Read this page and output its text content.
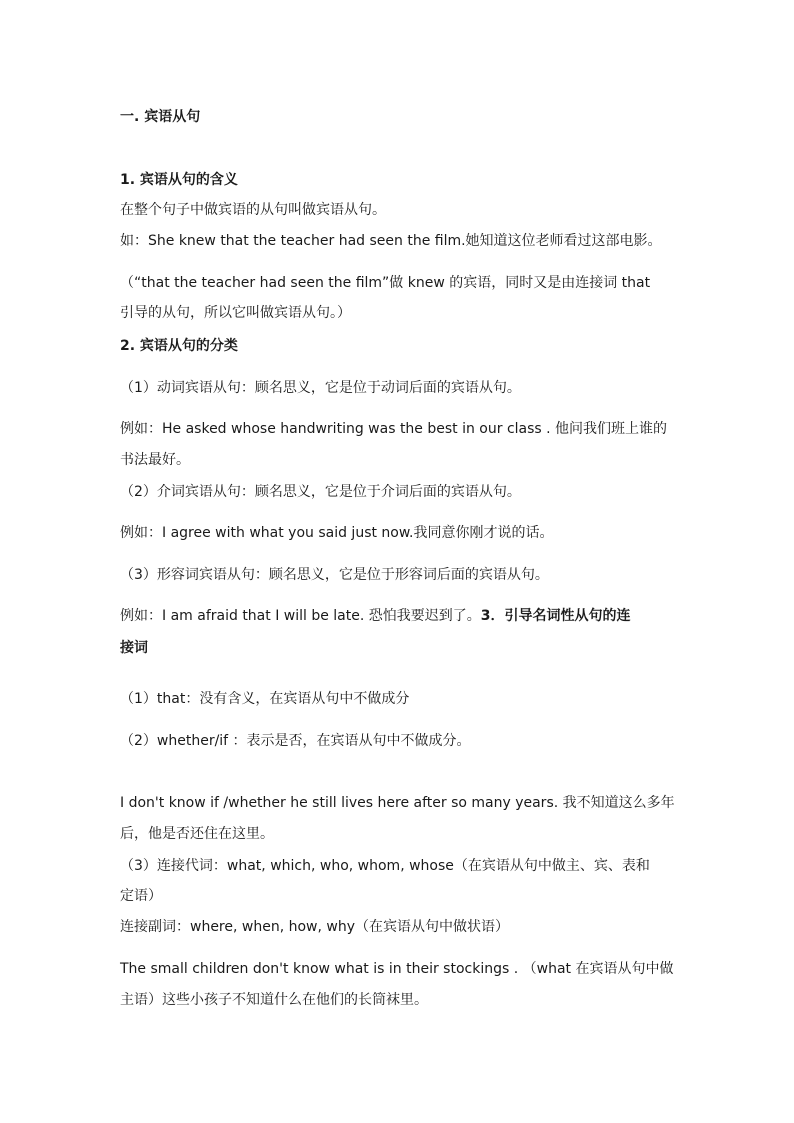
一. 宾语从句
1. 宾语从句的含义
在整个句子中做宾语的从句叫做宾语从句。
如：She knew that the teacher had seen the film.她知道这位老师看过这部电影。
（“that the teacher had seen the film”做 knew 的宾语，同时又是由连接词 that
引导的从句，所以它叫做宾语从句。）
2. 宾语从句的分类
（1）动词宾语从句：顾名思义，它是位于动词后面的宾语从句。
例如：He asked whose handwriting was the best in our class . 他问我们班上谁的
书法最好。
（2）介词宾语从句：顾名思义，它是位于介词后面的宾语从句。
例如：I agree with what you said just now.我同意你刚才说的话。
（3）形容词宾语从句：顾名思义，它是位于形容词后面的宾语从句。
例如：I am afraid that I will be late. 恐怕我要迟到了。3．引导名词性从句的连
接词
（1）that：没有含义，在宾语从句中不做成分
（2）whether/if ：表示是否，在宾语从句中不做成分。
I don't know if /whether he still lives here after so many years. 我不知道这么多年
后，他是否还住在这里。
（3）连接代词：what, which, who, whom, whose（在宾语从句中做主、宾、表和
定语）
连接副词：where, when, how, why（在宾语从句中做状语）
The small children don't know what is in their stockings . （what 在宾语从句中做
主语）这些小孩子不知道什么在他们的长筒袜里。
